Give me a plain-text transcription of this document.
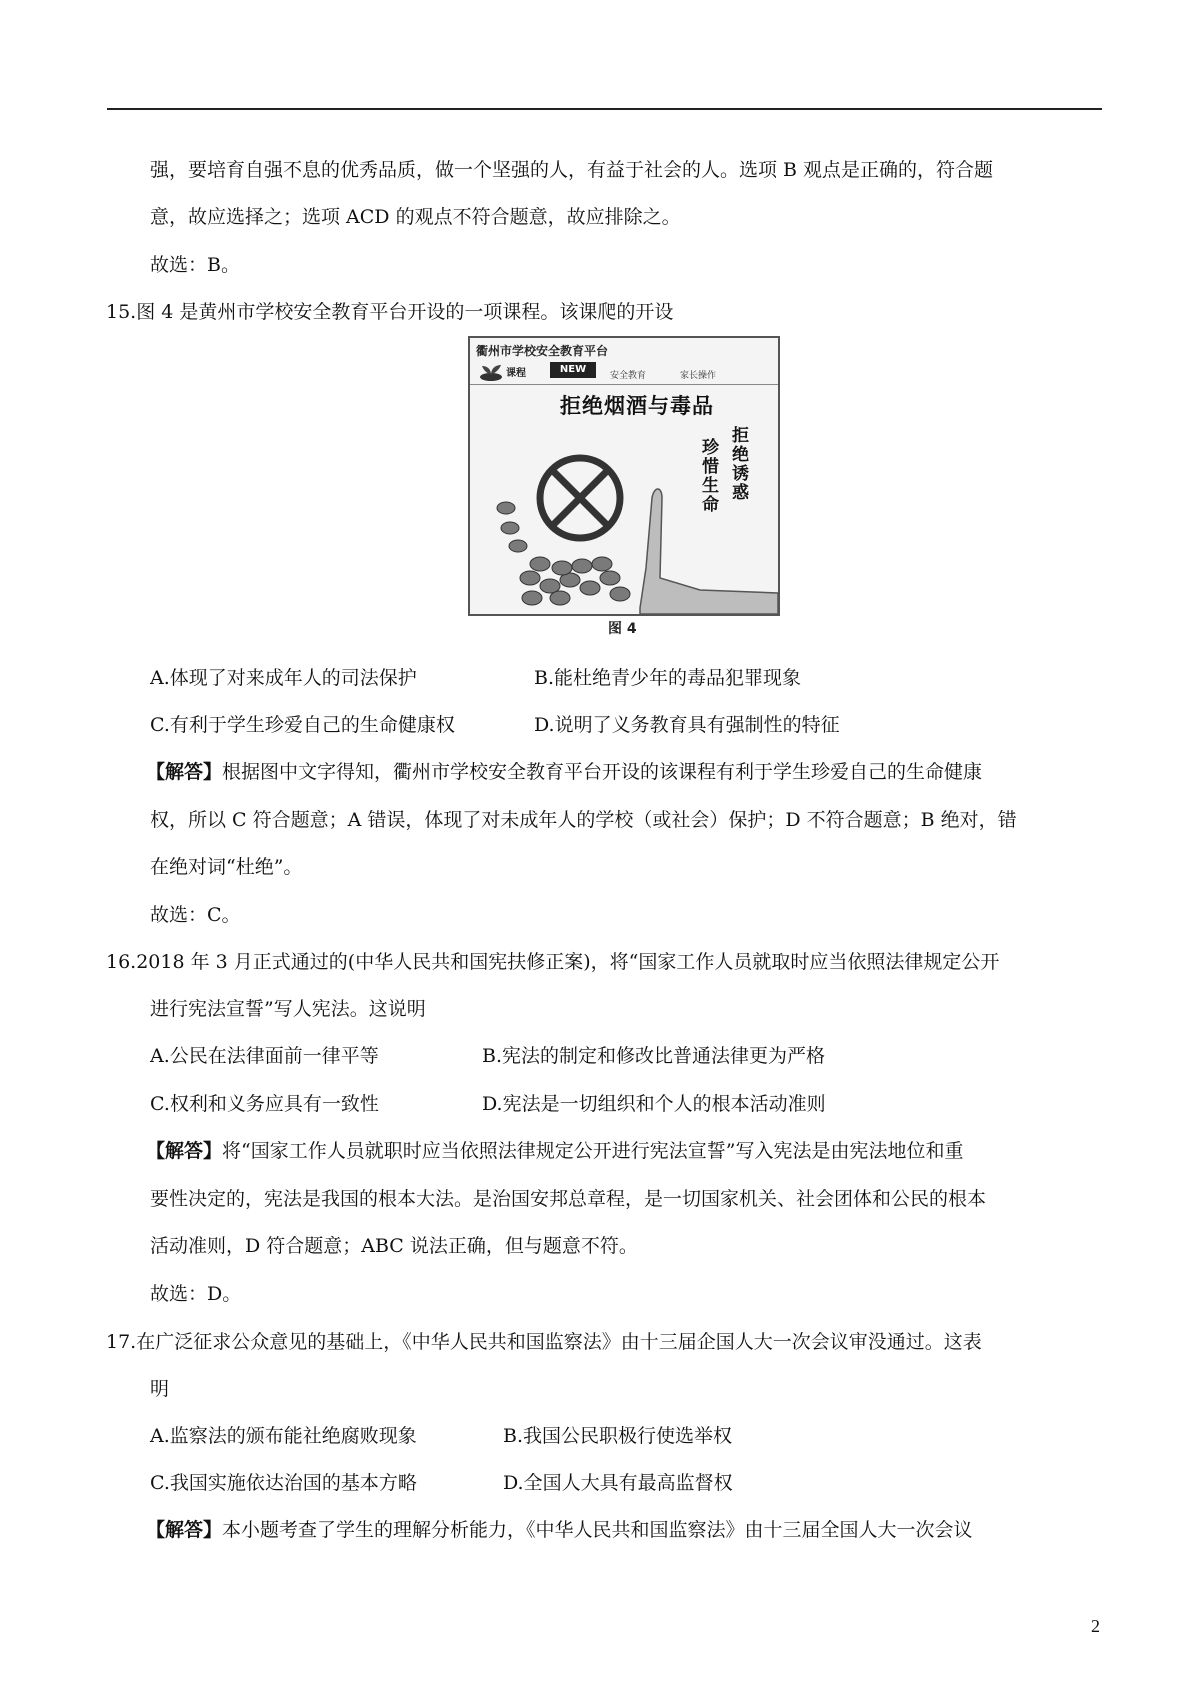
强，要培育自强不息的优秀品质，做一个坚强的人，有益于社会的人。选项 B 观点是正确的，符合题
意，故应选择之；选项 ACD 的观点不符合题意，故应排除之。
故选：B。
15.图 4 是黄州市学校安全教育平台开设的一项课程。该课爬的开设
衢州市学校安全教育平台
课程	NEW
安全教育	家长操作
拒绝烟酒与毒品
拒绝诱惑
珍惜生命
图 4
A.体现了对来成年人的司法保护	B.能杜绝青少年的毒品犯罪现象
C.有利于学生珍爱自己的生命健康权	D.说明了义务教育具有强制性的特征
【解答】根据图中文字得知，衢州市学校安全教育平台开设的该课程有利于学生珍爱自己的生命健康
权，所以 C 符合题意；A 错误，体现了对未成年人的学校（或社会）保护；D 不符合题意；B 绝对，错
在绝对词“杜绝”。
故选：C。
16.2018 年 3 月正式通过的(中华人民共和国宪扶修正案)，将“国家工作人员就取时应当依照法律规定公开
进行宪法宣誓”写人宪法。这说明
A.公民在法律面前一律平等	B.宪法的制定和修改比普通法律更为严格
C.权利和义务应具有一致性	D.宪法是一切组织和个人的根本活动准则
【解答】将“国家工作人员就职时应当依照法律规定公开进行宪法宣誓”写入宪法是由宪法地位和重
要性决定的，宪法是我国的根本大法。是治国安邦总章程，是一切国家机关、社会团体和公民的根本
活动准则，D 符合题意；ABC 说法正确，但与题意不符。
故选：D。
17.在广泛征求公众意见的基础上，《中华人民共和国监察法》由十三届企国人大一次会议审没通过。这表
明
A.监察法的颁布能社绝腐败现象	B.我国公民职极行使选举权
C.我国实施依达治国的基本方略	D.全国人大具有最高监督权
【解答】本小题考查了学生的理解分析能力，《中华人民共和国监察法》由十三届全国人大一次会议
2
